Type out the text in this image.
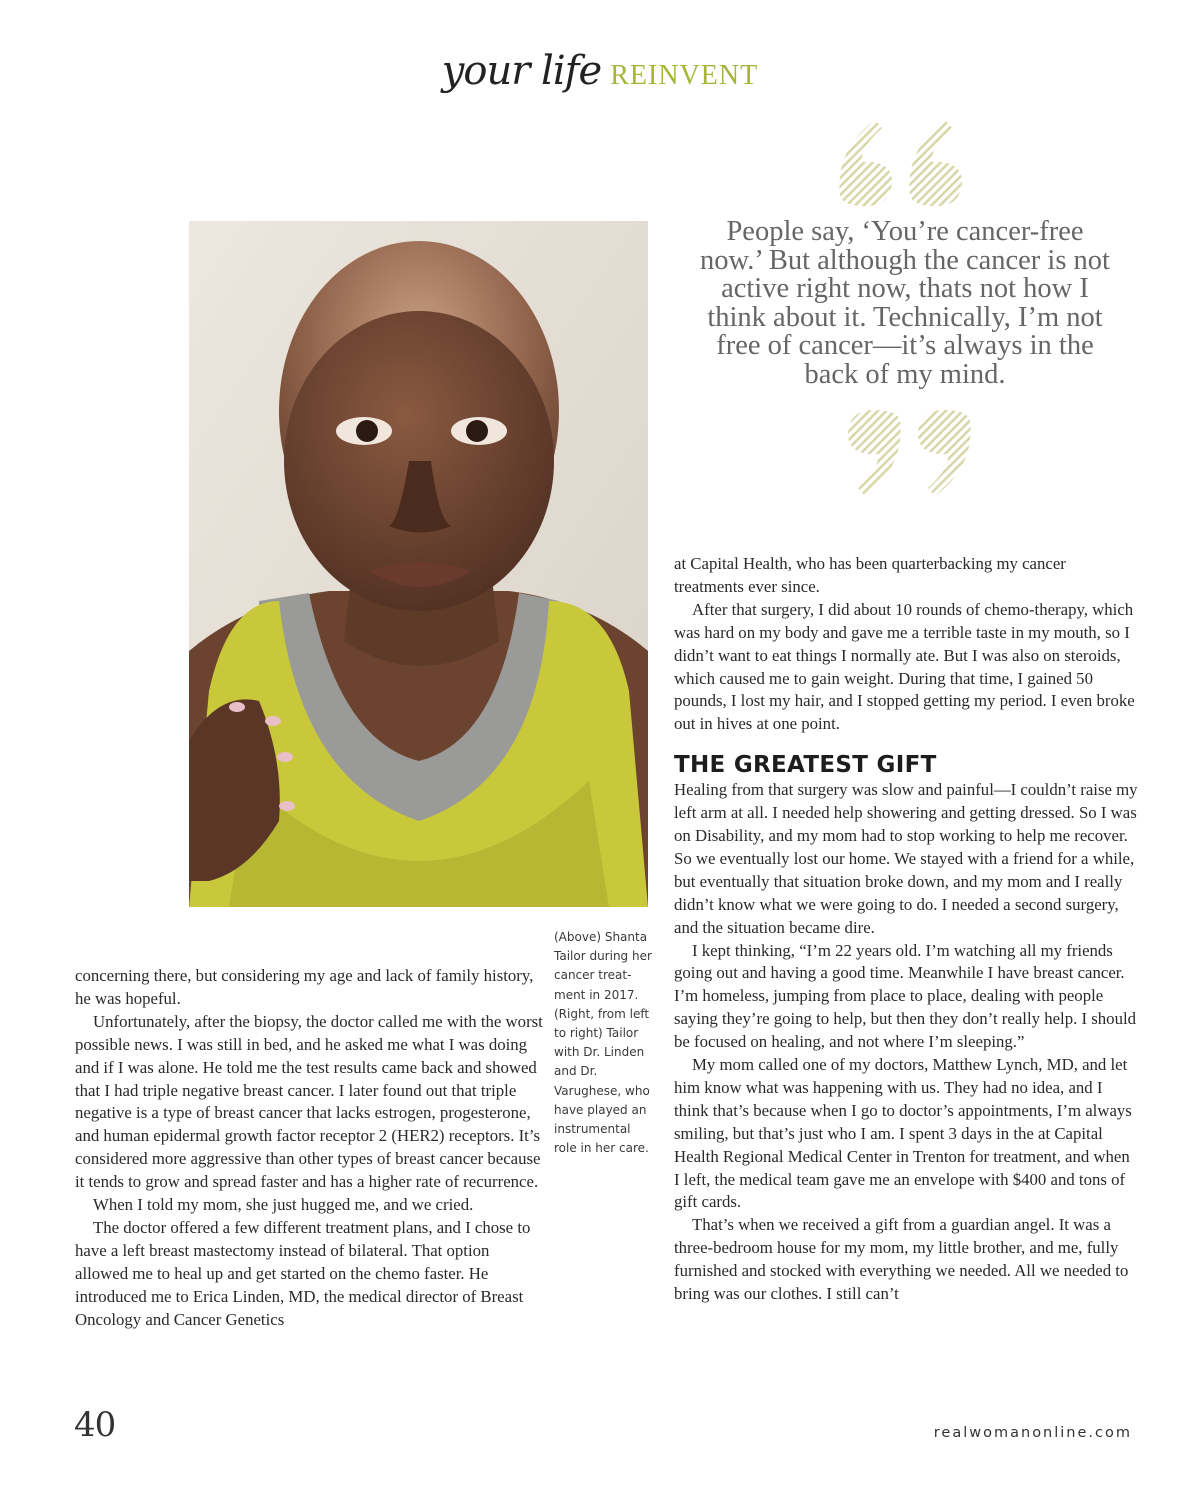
your life REINVENT
(Above) Shanta Tailor during her cancer treat-ment in 2017. (Right, from left to right) Tailor with Dr. Linden and Dr. Varughese, who have played an instrumental role in her care.
People say, ‘You’re cancer-free now.’ But although the cancer is not active right now, thats not how I think about it. Technically, I’m not free of cancer—it’s always in the back of my mind.

concerning there, but considering my age and lack of family history, he was hopeful.

Unfortunately, after the biopsy, the doctor called me with the worst possible news. I was still in bed, and he asked me what I was doing and if I was alone. He told me the test results came back and showed that I had triple negative breast cancer. I later found out that triple negative is a type of breast cancer that lacks estrogen, progesterone, and human epidermal growth factor receptor 2 (HER2) receptors. It’s considered more aggressive than other types of breast cancer because it tends to grow and spread faster and has a higher rate of recurrence.

When I told my mom, she just hugged me, and we cried.

The doctor offered a few different treatment plans, and I chose to have a left breast mastectomy instead of bilateral. That option allowed me to heal up and get started on the chemo faster. He introduced me to Erica Linden, MD, the medical director of Breast Oncology and Cancer Genetics

at Capital Health, who has been quarterbacking my cancer treatments ever since.

After that surgery, I did about 10 rounds of chemo-therapy, which was hard on my body and gave me a terrible taste in my mouth, so I didn’t want to eat things I normally ate. But I was also on steroids, which caused me to gain weight. During that time, I gained 50 pounds, I lost my hair, and I stopped getting my period. I even broke out in hives at one point.

THE GREATEST GIFT

Healing from that surgery was slow and painful—I couldn’t raise my left arm at all. I needed help showering and getting dressed. So I was on Disability, and my mom had to stop working to help me recover. So we eventually lost our home. We stayed with a friend for a while, but eventually that situation broke down, and my mom and I really didn’t know what we were going to do. I needed a second surgery, and the situation became dire.

I kept thinking, “I’m 22 years old. I’m watching all my friends going out and having a good time. Meanwhile I have breast cancer. I’m homeless, jumping from place to place, dealing with people saying they’re going to help, but then they don’t really help. I should be focused on healing, and not where I’m sleeping.”

My mom called one of my doctors, Matthew Lynch, MD, and let him know what was happening with us. They had no idea, and I think that’s because when I go to doctor’s appointments, I’m always smiling, but that’s just who I am. I spent 3 days in the at Capital Health Regional Medical Center in Trenton for treatment, and when I left, the medical team gave me an envelope with $400 and tons of gift cards.

That’s when we received a gift from a guardian angel. It was a three-bedroom house for my mom, my little brother, and me, fully furnished and stocked with everything we needed. All we needed to bring was our clothes. I still can’t

40	realwomanonline.com
